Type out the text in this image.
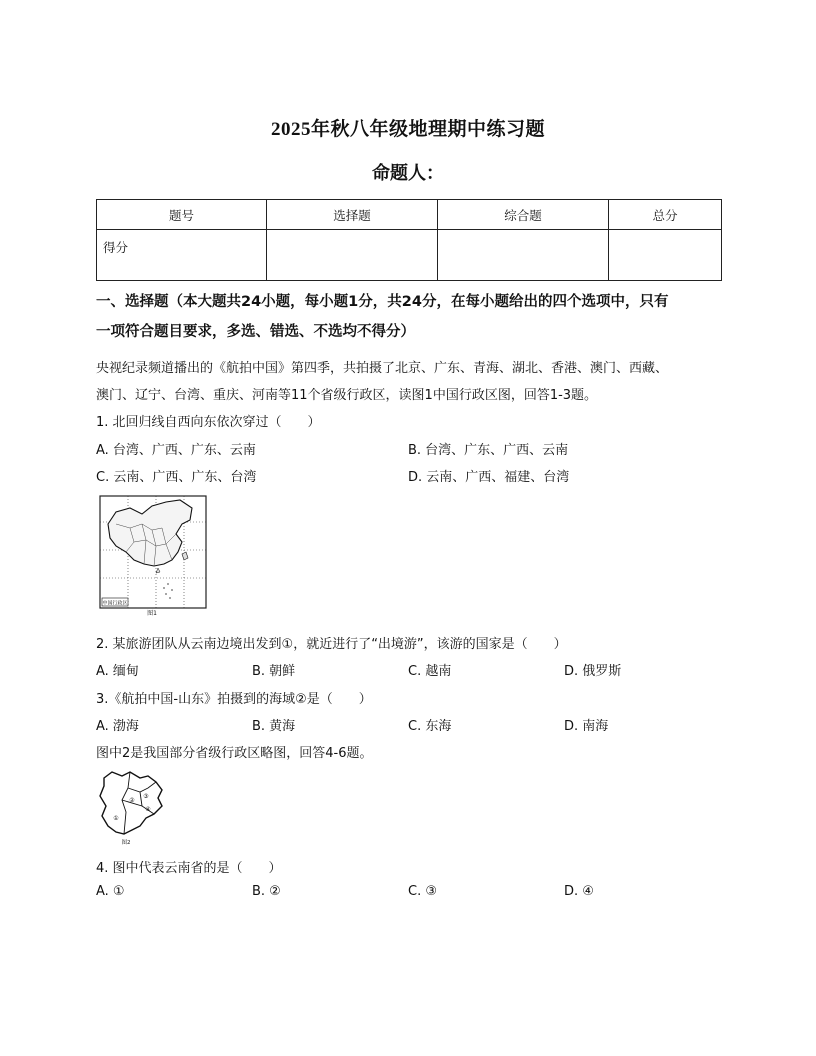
2025年秋八年级地理期中练习题
命题人：
题号	选择题	综合题	总分
得分			
一、选择题（本大题共24小题，每小题1分，共24分，在每小题给出的四个选项中，只有
一项符合题目要求，多选、错选、不选均不得分）
央视纪录频道播出的《航拍中国》第四季，共拍摄了北京、广东、青海、湖北、香港、澳门、西藏、
澳门、辽宁、台湾、重庆、河南等11个省级行政区，读图1中国行政区图，回答1-3题。
1. 北回归线自西向东依次穿过（　　）
A. 台湾、广西、广东、云南	B. 台湾、广东、广西、云南
C. 云南、广西、广东、台湾	D. 云南、广西、福建、台湾
中国行政区
图1
2. 某旅游团队从云南边境出发到①，就近进行了“出境游”，该游的国家是（　　）
A. 缅甸	B. 朝鲜	C. 越南	D. 俄罗斯
3.《航拍中国-山东》拍摄到的海域②是（　　）
A. 渤海	B. 黄海	C. 东海	D. 南海
图中2是我国部分省级行政区略图，回答4-6题。
①
②
③
④
图2
4. 图中代表云南省的是（　　）
A. ①	B. ②	C. ③	D. ④
